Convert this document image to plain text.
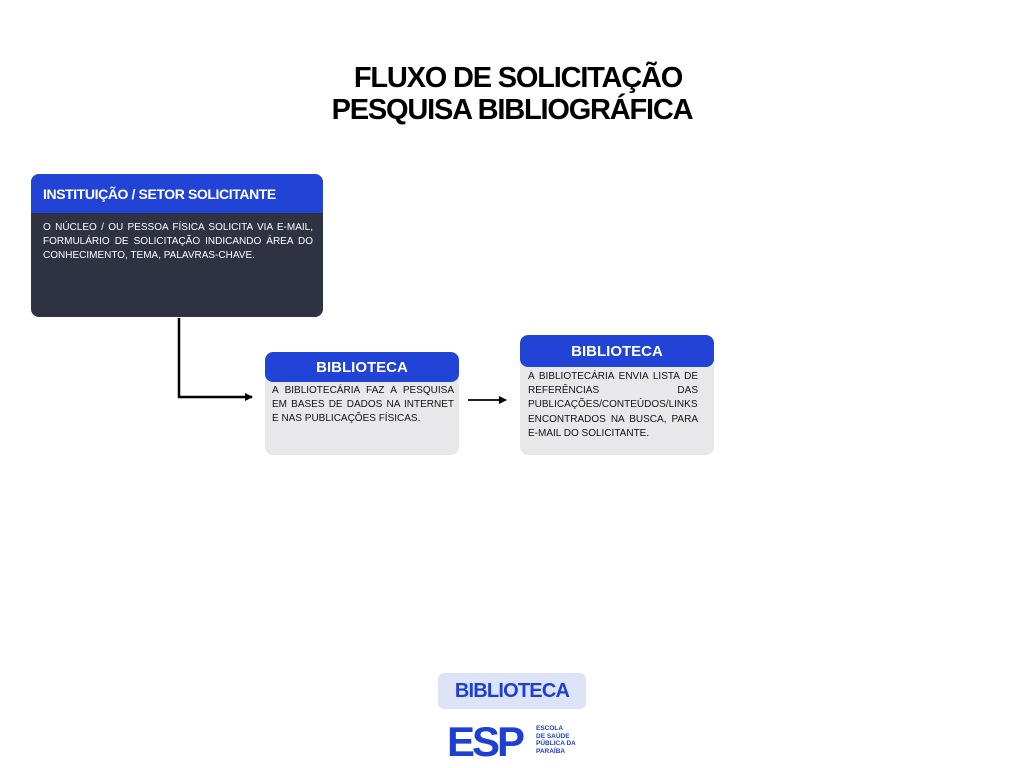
FLUXO DE SOLICITAÇÃO
PESQUISA BIBLIOGRÁFICA
INSTITUIÇÃO / SETOR SOLICITANTE
O NÚCLEO / OU PESSOA FÍSICA SOLICITA VIA E-MAIL, FORMULÁRIO DE SOLICITAÇÃO INDICANDO ÁREA DO CONHECIMENTO, TEMA, PALAVRAS-CHAVE.
BIBLIOTECA
A BIBLIOTECÁRIA FAZ A PESQUISA EM BASES DE DADOS NA INTERNET E NAS PUBLICAÇÕES FÍSICAS.
BIBLIOTECA
A BIBLIOTECÁRIA ENVIA LISTA DE REFERÊNCIAS DAS PUBLICAÇÕES/CONTEÚDOS/LINKS ENCONTRADOS NA BUSCA, PARA E-MAIL DO SOLICITANTE.
BIBLIOTECA
ESP	ESCOLA
DE SAÚDE
PÚBLICA DA
PARAÍBA
